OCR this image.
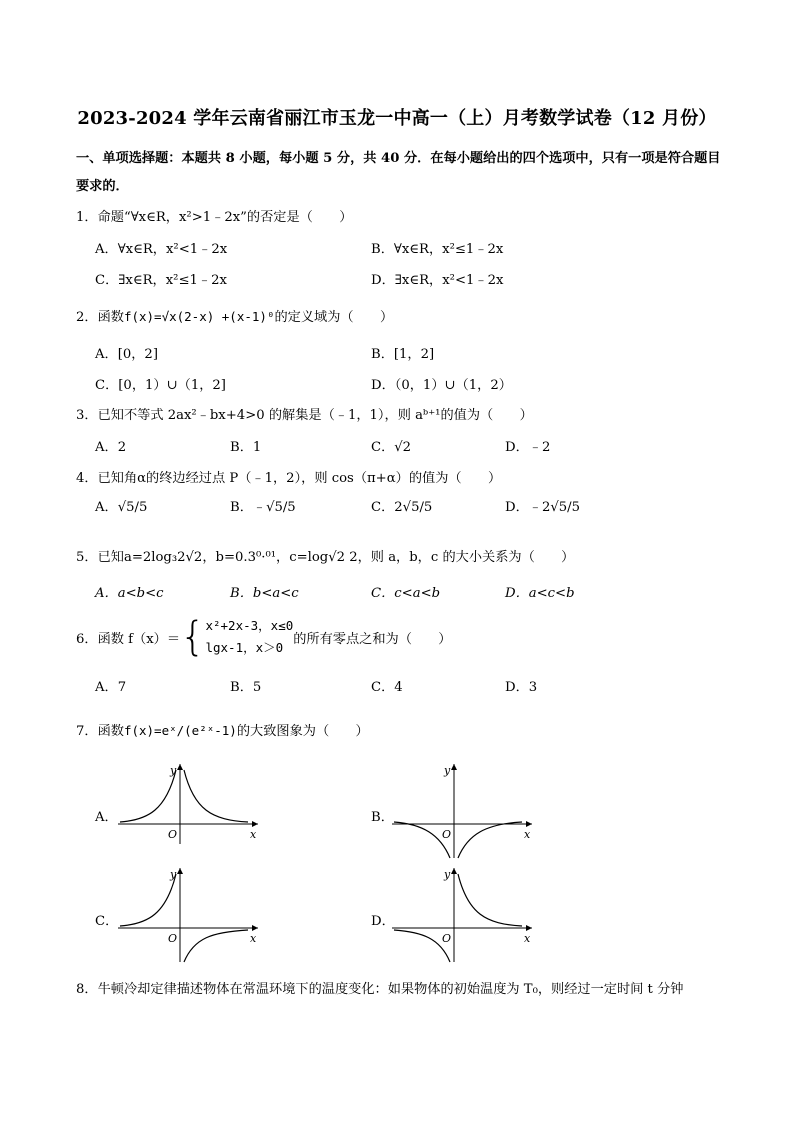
2023-2024 学年云南省丽江市玉龙一中高一（上）月考数学试卷（12 月份）
一、单项选择题：本题共 8 小题，每小题 5 分，共 40 分．在每小题给出的四个选项中，只有一项是符合题目要求的．
1．命题“∀x∈R，x²>1﹣2x”的否定是（　　）
A．∀x∈R，x²<1﹣2x	B．∀x∈R，x²≤1﹣2x
C．∃x∈R，x²≤1﹣2x	D．∃x∈R，x²<1﹣2x
2．函数f(x)=√x(2-x) +(x-1)⁰的定义域为（　　）
A．[0，2]	B．[1，2]
C．[0，1）∪（1，2]	D．（0，1）∪（1，2）
3．已知不等式 2ax²﹣bx+4>0 的解集是（﹣1，1），则 aᵇ⁺¹的值为（　　）
A．2	B．1	C．√2	D．﹣2
4．已知角α的终边经过点 P（﹣1，2），则 cos（π+α）的值为（　　）
A．√5/5	B．﹣√5/5	C．2√5/5	D．﹣2√5/5
5．已知a=2log₃2√2，b=0.3⁰·⁰¹，c=log√2 2，则 a，b，c 的大小关系为（　　）
A．a<b<c	B．b<a<c	C．c<a<b	D．a<c<b
6．函数 f（x）＝ { x²+2x-3，x≤0
lgx-1，x＞0
的所有零点之和为（　　）
A．7	B．5	C．4	D．3
7．函数f(x)=eˣ/(e²ˣ-1)的大致图象为（　　）
A．
O	x
y
B．
O	x
y
C．
O	x
y
D．
O	x
y
8．牛顿冷却定律描述物体在常温环境下的温度变化：如果物体的初始温度为 T₀，则经过一定时间 t 分钟
